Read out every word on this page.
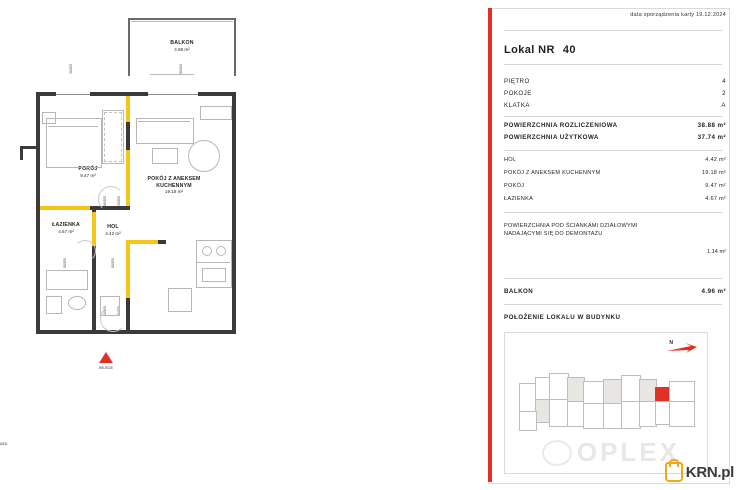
BALKON
4.96 m²
POKÓJ
9.47 m²
POKÓJ Z ANEKSEM KUCHENNYM
19.18 m²
ŁAZIENKA
4.67 m²
HOL
4.42 m²
90/205	80/205
80/205	90/205
80/205	80/205
90/205	80/205
WEJŚCIE
azu
data sporządzenia karty 19.12.2024
Lokal NR 40
PIĘTRO	4
POKOJE	2
KLATKA	A
POWIERZCHNIA ROZLICZENIOWA	38.88 m²
POWIERZCHNIA UŻYTKOWA	37.74 m²
HOL	4.42 m²
POKÓJ Z ANEKSEM KUCHENNYM	19.18 m²
POKÓJ	9.47 m²
ŁAZIENKA	4.67 m²
POWIERZCHNIA POD ŚCIANKAMI DZIAŁOWYMI NADAJĄCYMI SIĘ DO DEMONTAŻU
1.14 m²
BALKON	4.96 m²
POŁOŻENIE LOKALU W BUDYNKU
N
OPLEX
KRN.pl
